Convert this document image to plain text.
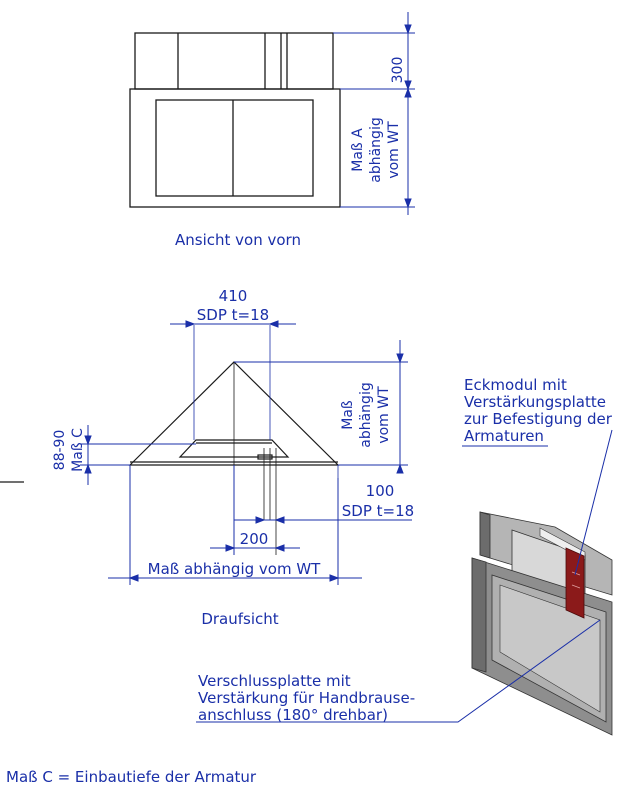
300
Maß A abhängig vom WT
Ansicht von vorn
410
SDP t=18
Maß abhängig vom WT
88-90 Maß C
100
SDP t=18
200
Maß abhängig vom WT
Draufsicht
Eckmodul mit
Verstärkungsplatte
zur Befestigung der
Armaturen
Verschlussplatte mit
Verstärkung für Handbrause-
anschluss (180° drehbar)
Maß C = Einbautiefe der Armatur
